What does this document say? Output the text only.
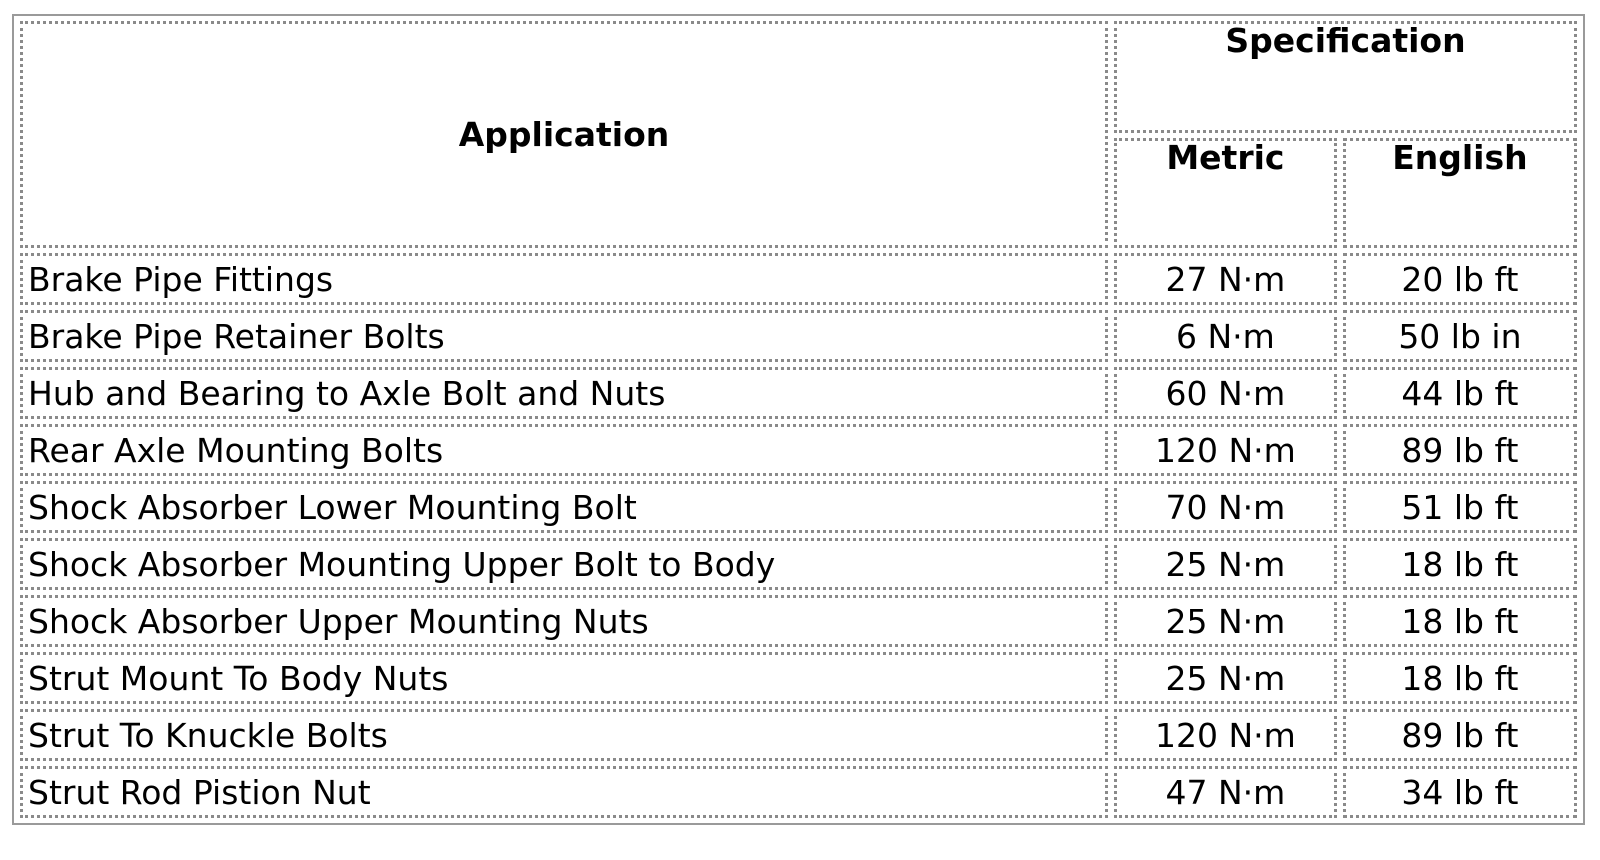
Application	Specification	
	Metric	English
Brake Pipe Fittings	27 N·m	20 lb ft
Brake Pipe Retainer Bolts	6 N·m	50 lb in
Hub and Bearing to Axle Bolt and Nuts	60 N·m	44 lb ft
Rear Axle Mounting Bolts	120 N·m	89 lb ft
Shock Absorber Lower Mounting Bolt	70 N·m	51 lb ft
Shock Absorber Mounting Upper Bolt to Body	25 N·m	18 lb ft
Shock Absorber Upper Mounting Nuts	25 N·m	18 lb ft
Strut Mount To Body Nuts	25 N·m	18 lb ft
Strut To Knuckle Bolts	120 N·m	89 lb ft
Strut Rod Pistion Nut	47 N·m	34 lb ft
